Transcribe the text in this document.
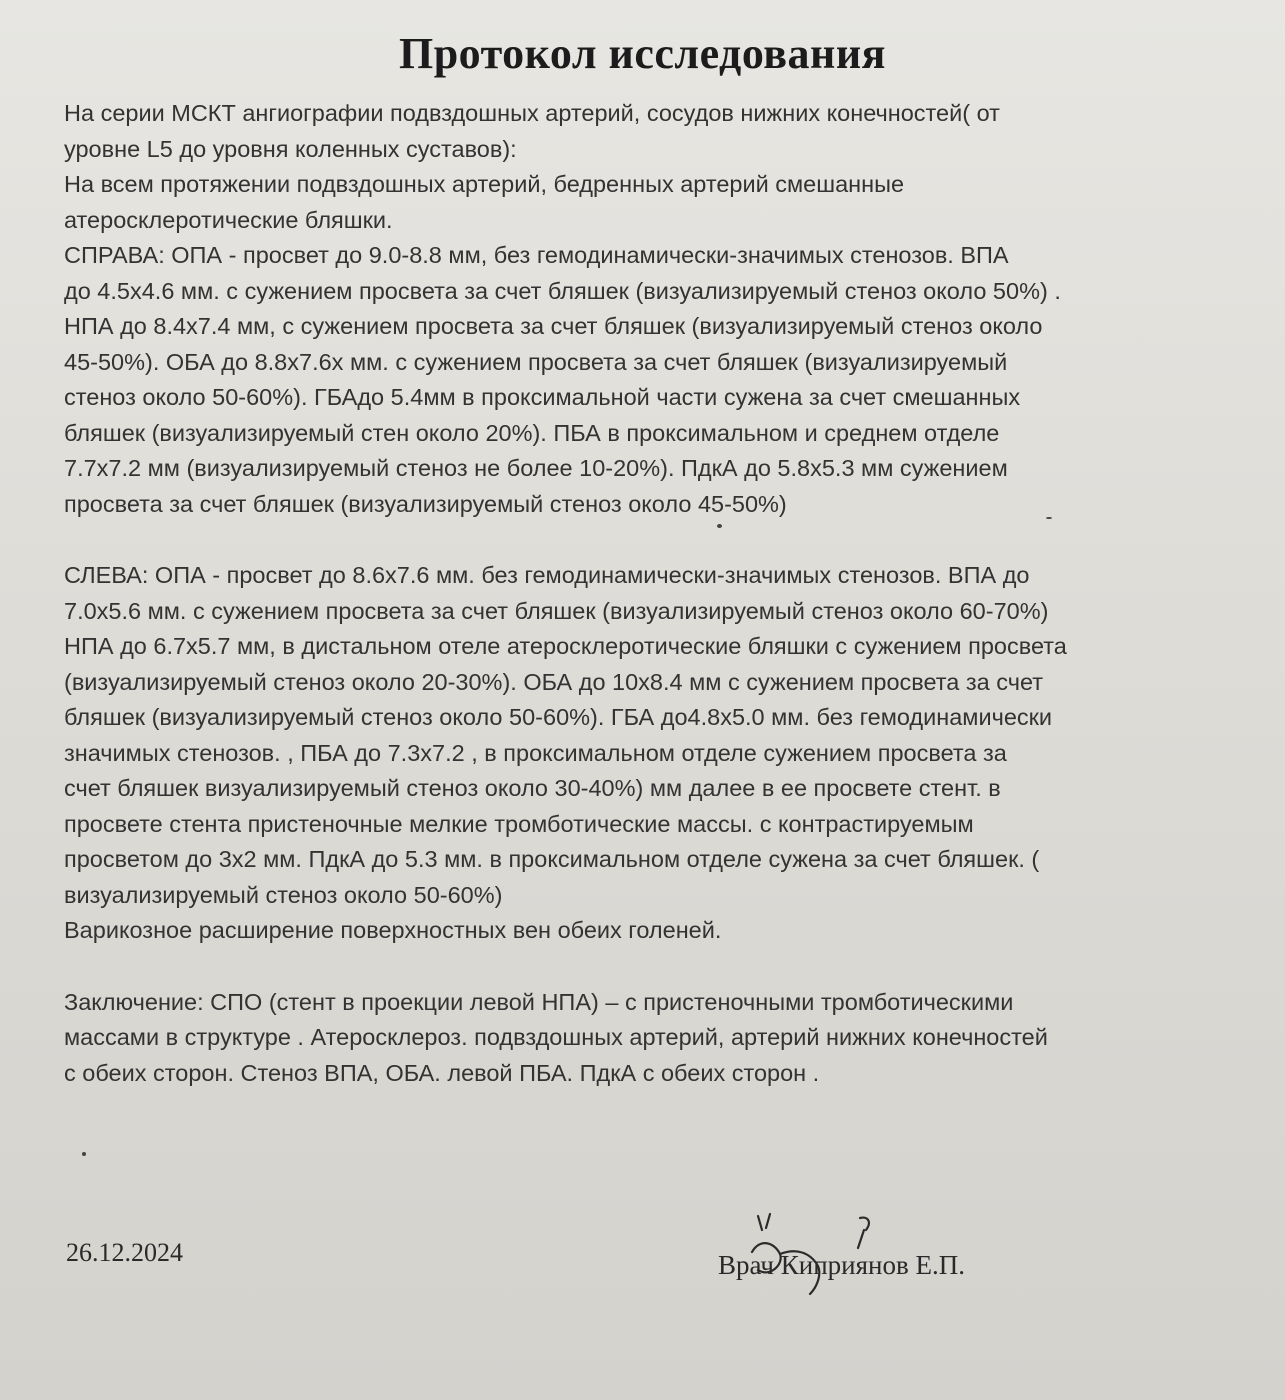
Протокол исследования

На серии МСКТ ангиографии подвздошных артерий, сосудов нижних конечностей( от

уровне L5 до уровня коленных суставов):

На всем протяжении подвздошных артерий, бедренных артерий смешанные

атеросклеротические бляшки.

СПРАВА: ОПА - просвет до 9.0-8.8 мм, без гемодинамически-значимых стенозов. ВПА

до 4.5х4.6 мм. с сужением просвета за счет бляшек (визуализируемый стеноз около 50%) .

НПА до 8.4х7.4 мм, с сужением просвета за счет бляшек (визуализируемый стеноз около

45-50%). ОБА до 8.8х7.6х мм. с сужением просвета за счет бляшек (визуализируемый

стеноз около 50-60%). ГБАдо 5.4мм в проксимальной части сужена за счет смешанных

бляшек (визуализируемый стен около 20%). ПБА в проксимальном и среднем отделе

7.7х7.2 мм (визуализируемый стеноз не более 10-20%). ПдкА до 5.8х5.3 мм сужением

просвета за счет бляшек (визуализируемый стеноз около 45-50%)

СЛЕВА: ОПА - просвет до 8.6х7.6 мм. без гемодинамически-значимых стенозов. ВПА до

7.0х5.6 мм. с сужением просвета за счет бляшек (визуализируемый стеноз около 60-70%)

НПА до 6.7х5.7 мм, в дистальном отеле атеросклеротические бляшки с сужением просвета

(визуализируемый стеноз около 20-30%). ОБА до 10х8.4 мм с сужением просвета за счет

бляшек (визуализируемый стеноз около 50-60%). ГБА до4.8х5.0 мм. без гемодинамически

значимых стенозов. , ПБА до 7.3х7.2 , в проксимальном отделе сужением просвета за

счет бляшек визуализируемый стеноз около 30-40%) мм далее в ее просвете стент. в

просвете стента пристеночные мелкие тромботические массы. с контрастируемым

просветом до 3х2 мм. ПдкА до 5.3 мм. в проксимальном отделе сужена за счет бляшек. (

визуализируемый стеноз около 50-60%)

Варикозное расширение поверхностных вен обеих голеней.

Заключение: СПО (стент в проекции левой НПА) – с пристеночными тромботическими

массами в структуре . Атеросклероз. подвздошных артерий, артерий нижних конечностей

с обеих сторон. Стеноз ВПА, ОБА. левой ПБА. ПдкА с обеих сторон .

26.12.2024	Врач Киприянов Е.П.
